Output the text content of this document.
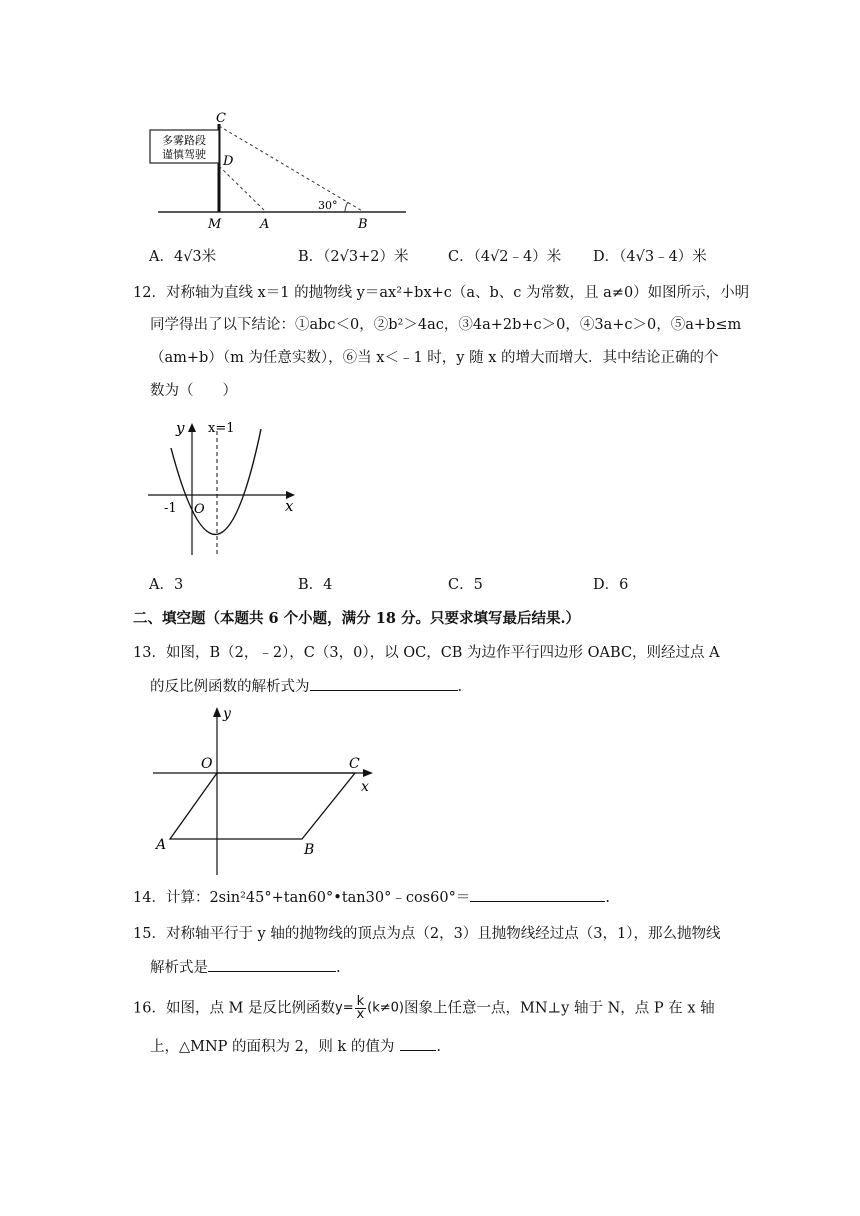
多雾路段
谨慎驾驶
C
D
M	A	B
30°
A．4√3米	B．（2√3+2）米	C．（4√2﹣4）米 D．（4√3﹣4）米
12．对称轴为直线 x＝1 的抛物线 y＝ax²+bx+c（a、b、c 为常数，且 a≠0）如图所示，小明
同学得出了以下结论：①abc＜0，②b²＞4ac，③4a+2b+c＞0，④3a+c＞0，⑤a+b≤m
（am+b）（m 为任意实数），⑥当 x＜﹣1 时，y 随 x 的增大而增大．其中结论正确的个
数为（　　）
y x=1
-1 O	x
A．3	B．4	C．5	D．6
二、填空题（本题共 6 个小题，满分 18 分。只要求填写最后结果.）
13．如图，B（2，﹣2），C（3，0），以 OC，CB 为边作平行四边形 OABC，则经过点 A
的反比例函数的解析式为	.
y
O	C
x
A	B
14．计算：2sin²45°+tan60°•tan30°﹣cos60°＝	.
15．对称轴平行于 y 轴的抛物线的顶点为点（2，3）且抛物线经过点（3，1），那么抛物线
解析式是	.
16．如图，点 M 是反比例函数$y= \frac{k}{x} (k\ne 0)$图象上任意一点，MN⊥y 轴于 N，点 P 在 x 轴
上，△MNP 的面积为 2，则 k 的值为	.
